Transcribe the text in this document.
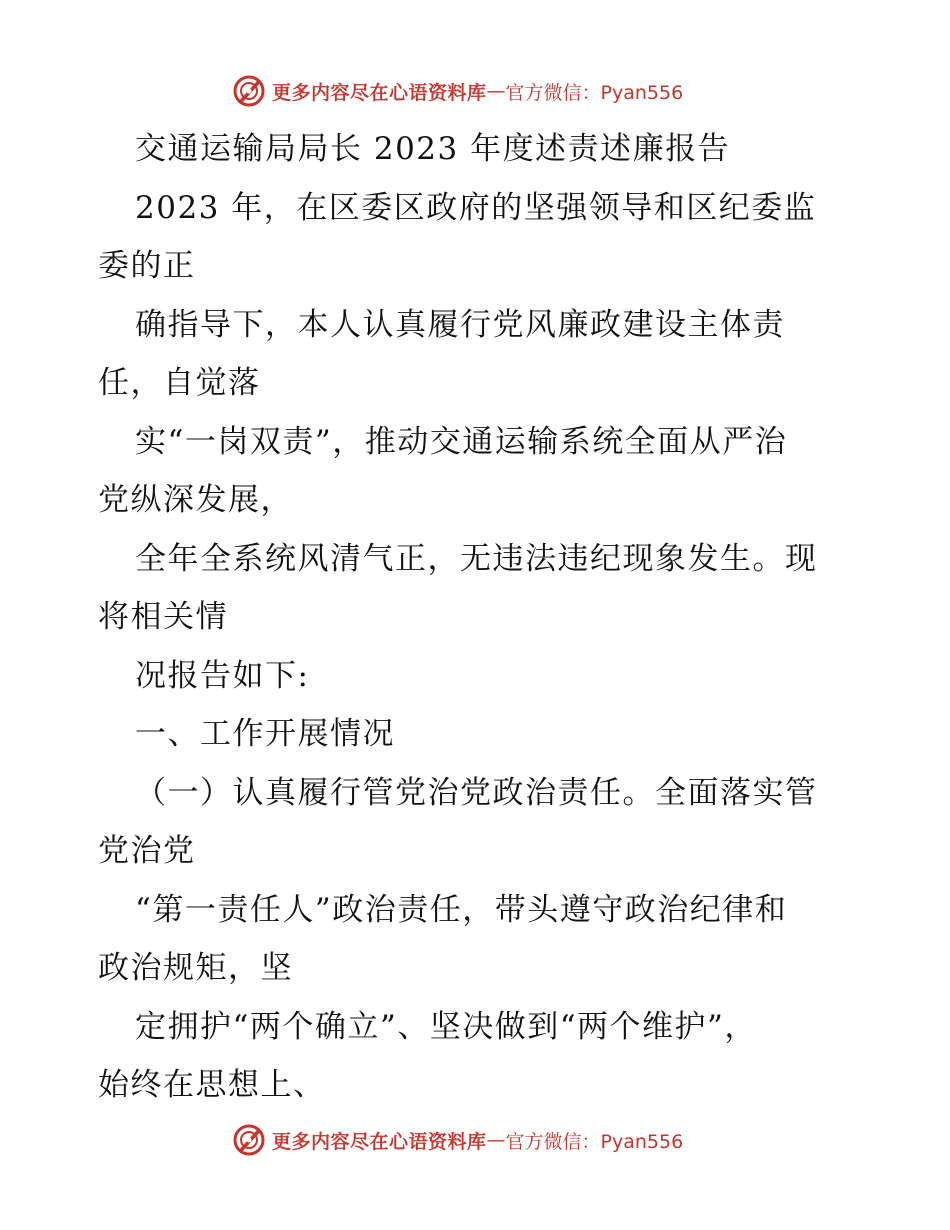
更多内容尽在心语资料库 — 官方微信：Pyan556
交通运输局局长 2023 年度述责述廉报告
2023 年，在区委区政府的坚强领导和区纪委监
委的正
确指导下，本人认真履行党风廉政建设主体责
任，自觉落
实“一岗双责”，推动交通运输系统全面从严治
党纵深发展，
全年全系统风清气正，无违法违纪现象发生。现
将相关情
况报告如下:
一、工作开展情况
（一）认真履行管党治党政治责任。全面落实管
党治党
“第一责任人”政治责任，带头遵守政治纪律和
政治规矩，坚
定拥护“两个确立”、坚决做到“两个维护”，
始终在思想上、
更多内容尽在心语资料库 — 官方微信：Pyan556
